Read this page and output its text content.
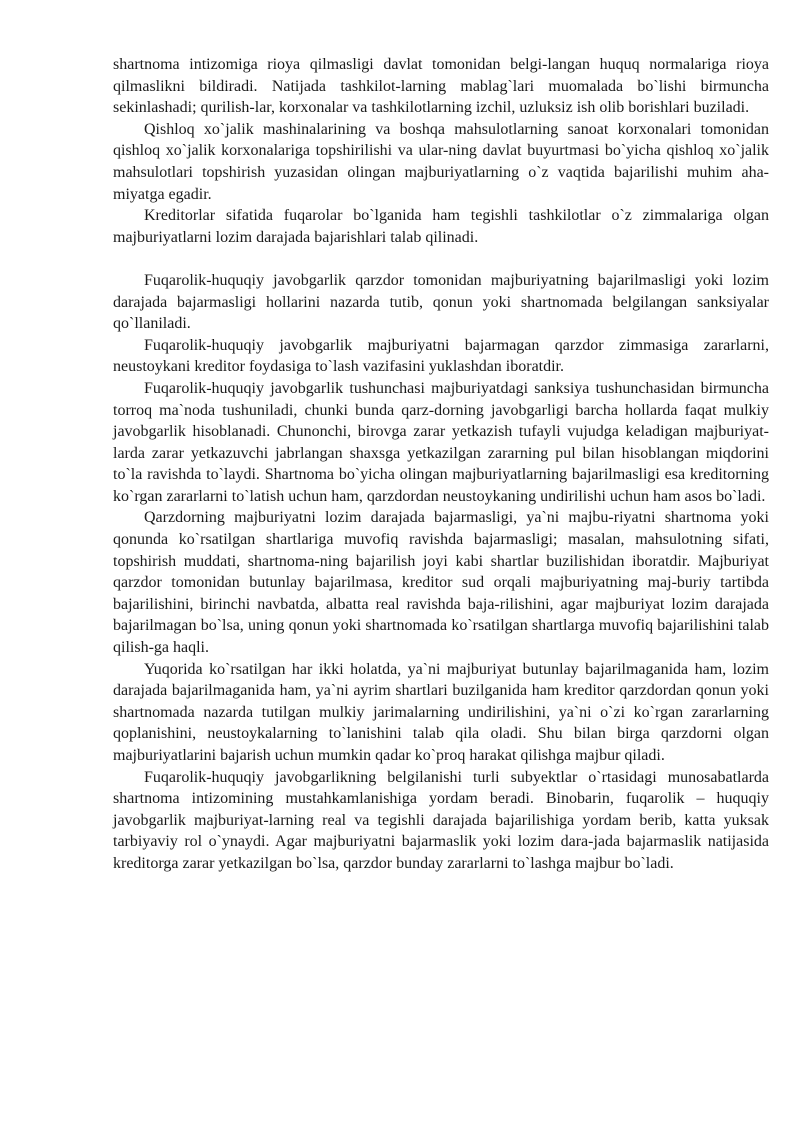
shartnoma intizomiga rioya qilmasligi davlat tomonidan belgi-langan huquq normalariga rioya qilmaslikni bildiradi. Natijada tashkilot-larning mablag`lari muomalada bo`lishi birmuncha sekinlashadi; qurilish-lar, korxonalar va tashkilotlarning izchil, uzluksiz ish olib borishlari buziladi.

Qishloq xo`jalik mashinalarining va boshqa mahsulotlarning sanoat korxonalari tomonidan qishloq xo`jalik korxonalariga topshirilishi va ular-ning davlat buyurtmasi bo`yicha qishloq xo`jalik mahsulotlari topshirish yuzasidan olingan majburiyatlarning o`z vaqtida bajarilishi muhim aha-miyatga egadir.

Kreditorlar sifatida fuqarolar bo`lganida ham tegishli tashkilotlar o`z zimmalariga olgan majburiyatlarni lozim darajada bajarishlari talab qilinadi.

Fuqarolik-huquqiy javobgarlik qarzdor tomonidan majburiyatning bajarilmasligi yoki lozim darajada bajarmasligi hollarini nazarda tutib, qonun yoki shartnomada belgilangan sanksiyalar qo`llaniladi.

Fuqarolik-huquqiy javobgarlik majburiyatni bajarmagan qarzdor zimmasiga zararlarni, neustoykani kreditor foydasiga to`lash vazifasini yuklashdan iboratdir.

Fuqarolik-huquqiy javobgarlik tushunchasi majburiyatdagi sanksiya tushunchasidan birmuncha torroq ma`noda tushuniladi, chunki bunda qarz-dorning javobgarligi barcha hollarda faqat mulkiy javobgarlik hisoblanadi. Chunonchi, birovga zarar yetkazish tufayli vujudga keladigan majburiyat-larda zarar yetkazuvchi jabrlangan shaxsga yetkazilgan zararning pul bilan hisoblangan miqdorini to`la ravishda to`laydi. Shartnoma bo`yicha olingan majburiyatlarning bajarilmasligi esa kreditorning ko`rgan zararlarni to`latish uchun ham, qarzdordan neustoykaning undirilishi uchun ham asos bo`ladi.

Qarzdorning majburiyatni lozim darajada bajarmasligi, ya`ni majbu-riyatni shartnoma yoki qonunda ko`rsatilgan shartlariga muvofiq ravishda bajarmasligi; masalan, mahsulotning sifati, topshirish muddati, shartnoma-ning bajarilish joyi kabi shartlar buzilishidan iboratdir. Majburiyat qarzdor tomonidan butunlay bajarilmasa, kreditor sud orqali majburiyatning maj-buriy tartibda bajarilishini, birinchi navbatda, albatta real ravishda baja-rilishini, agar majburiyat lozim darajada bajarilmagan bo`lsa, uning qonun yoki shartnomada ko`rsatilgan shartlarga muvofiq bajarilishini talab qilish-ga haqli.

Yuqorida ko`rsatilgan har ikki holatda, ya`ni majburiyat butunlay bajarilmaganida ham, lozim darajada bajarilmaganida ham, ya`ni ayrim shartlari buzilganida ham kreditor qarzdordan qonun yoki shartnomada nazarda tutilgan mulkiy jarimalarning undirilishini, ya`ni o`zi ko`rgan zararlarning qoplanishini, neustoykalarning to`lanishini talab qila oladi. Shu bilan birga qarzdorni olgan majburiyatlarini bajarish uchun mumkin qadar ko`proq harakat qilishga majbur qiladi.

Fuqarolik-huquqiy javobgarlikning belgilanishi turli subyektlar o`rtasidagi munosabatlarda shartnoma intizomining mustahkamlanishiga yordam beradi. Binobarin, fuqarolik – huquqiy javobgarlik majburiyat-larning real va tegishli darajada bajarilishiga yordam berib, katta yuksak tarbiyaviy rol o`ynaydi. Agar majburiyatni bajarmaslik yoki lozim dara-jada bajarmaslik natijasida kreditorga zarar yetkazilgan bo`lsa, qarzdor bunday zararlarni to`lashga majbur bo`ladi.
